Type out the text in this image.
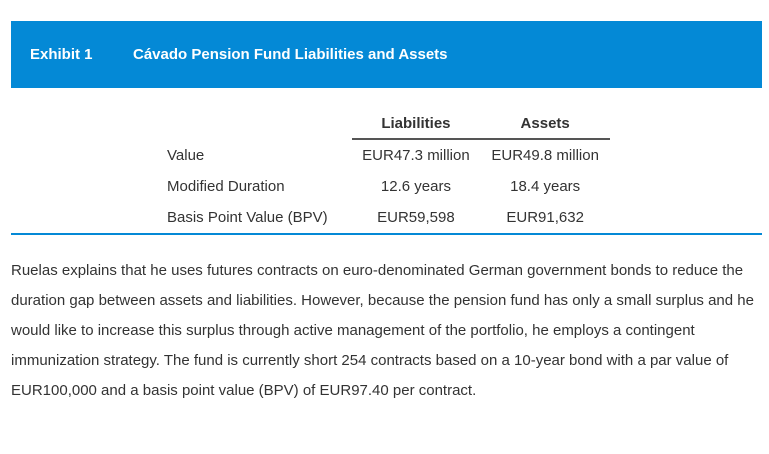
Exhibit 1	Cávado Pension Fund Liabilities and Assets
	Liabilities	Assets
Value	EUR47.3 million	EUR49.8 million
Modified Duration	12.6 years	18.4 years
Basis Point Value (BPV)	EUR59,598	EUR91,632

Ruelas explains that he uses futures contracts on euro-denominated German government bonds to reduce the duration gap between assets and liabilities. However, because the pension fund has only a small surplus and he would like to increase this surplus through active management of the portfolio, he employs a contingent immunization strategy. The fund is currently short 254 contracts based on a 10-year bond with a par value of EUR100,000 and a basis point value (BPV) of EUR97.40 per contract.
